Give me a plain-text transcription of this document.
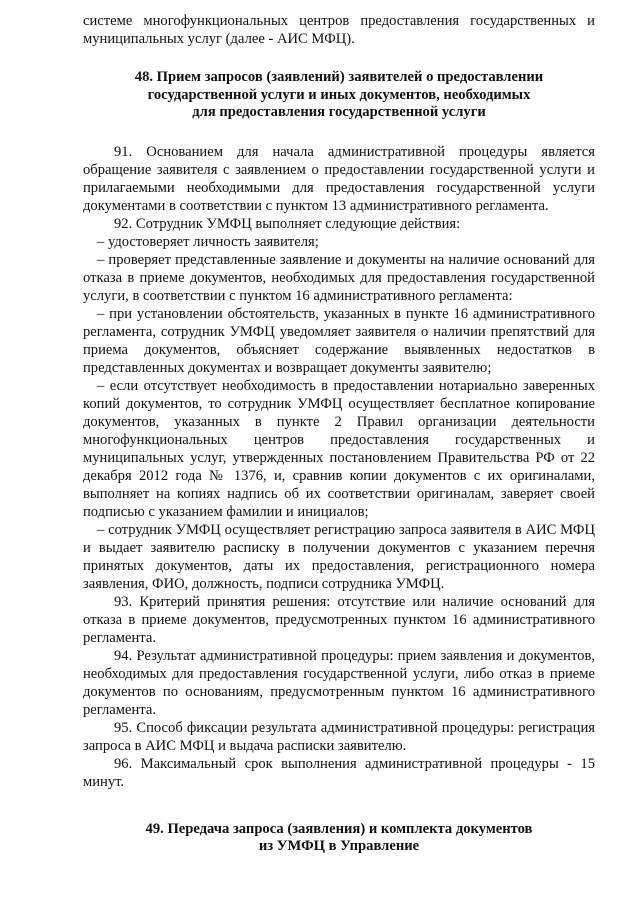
системе многофункциональных центров предоставления государственных и муниципальных услуг (далее - АИС МФЦ).

48. Прием запросов (заявлений) заявителей о предоставлении
государственной услуги и иных документов, необходимых
для предоставления государственной услуги

91. Основанием для начала административной процедуры является обращение заявителя с заявлением о предоставлении государственной услуги и прилагаемыми необходимыми для предоставления государственной услуги документами в соответствии с пунктом 13 административного регламента.

92. Сотрудник УМФЦ выполняет следующие действия:

– удостоверяет личность заявителя;

– проверяет представленные заявление и документы на наличие оснований для отказа в приеме документов, необходимых для предоставления государственной услуги, в соответствии с пунктом 16 административного регламента:

– при установлении обстоятельств, указанных в пункте 16 административного регламента, сотрудник УМФЦ уведомляет заявителя о наличии препятствий для приема документов, объясняет содержание выявленных недостатков в представленных документах и возвращает документы заявителю;

– если отсутствует необходимость в предоставлении нотариально заверенных копий документов, то сотрудник УМФЦ осуществляет бесплатное копирование документов, указанных в пункте 2 Правил организации деятельности многофункциональных центров предоставления государственных и муниципальных услуг, утвержденных постановлением Правительства РФ от 22 декабря 2012 года № 1376, и, сравнив копии документов с их оригиналами, выполняет на копиях надпись об их соответствии оригиналам, заверяет своей подписью с указанием фамилии и инициалов;

– сотрудник УМФЦ осуществляет регистрацию запроса заявителя в АИС МФЦ и выдает заявителю расписку в получении документов с указанием перечня принятых документов, даты их предоставления, регистрационного номера заявления, ФИО, должность, подписи сотрудника УМФЦ.

93. Критерий принятия решения: отсутствие или наличие оснований для отказа в приеме документов, предусмотренных пунктом 16 административного регламента.

94. Результат административной процедуры: прием заявления и документов, необходимых для предоставления государственной услуги, либо отказ в приеме документов по основаниям, предусмотренным пунктом 16 административного регламента.

95. Способ фиксации результата административной процедуры: регистрация запроса в АИС МФЦ и выдача расписки заявителю.

96. Максимальный срок выполнения административной процедуры - 15 минут.

49. Передача запроса (заявления) и комплекта документов
из УМФЦ в Управление
